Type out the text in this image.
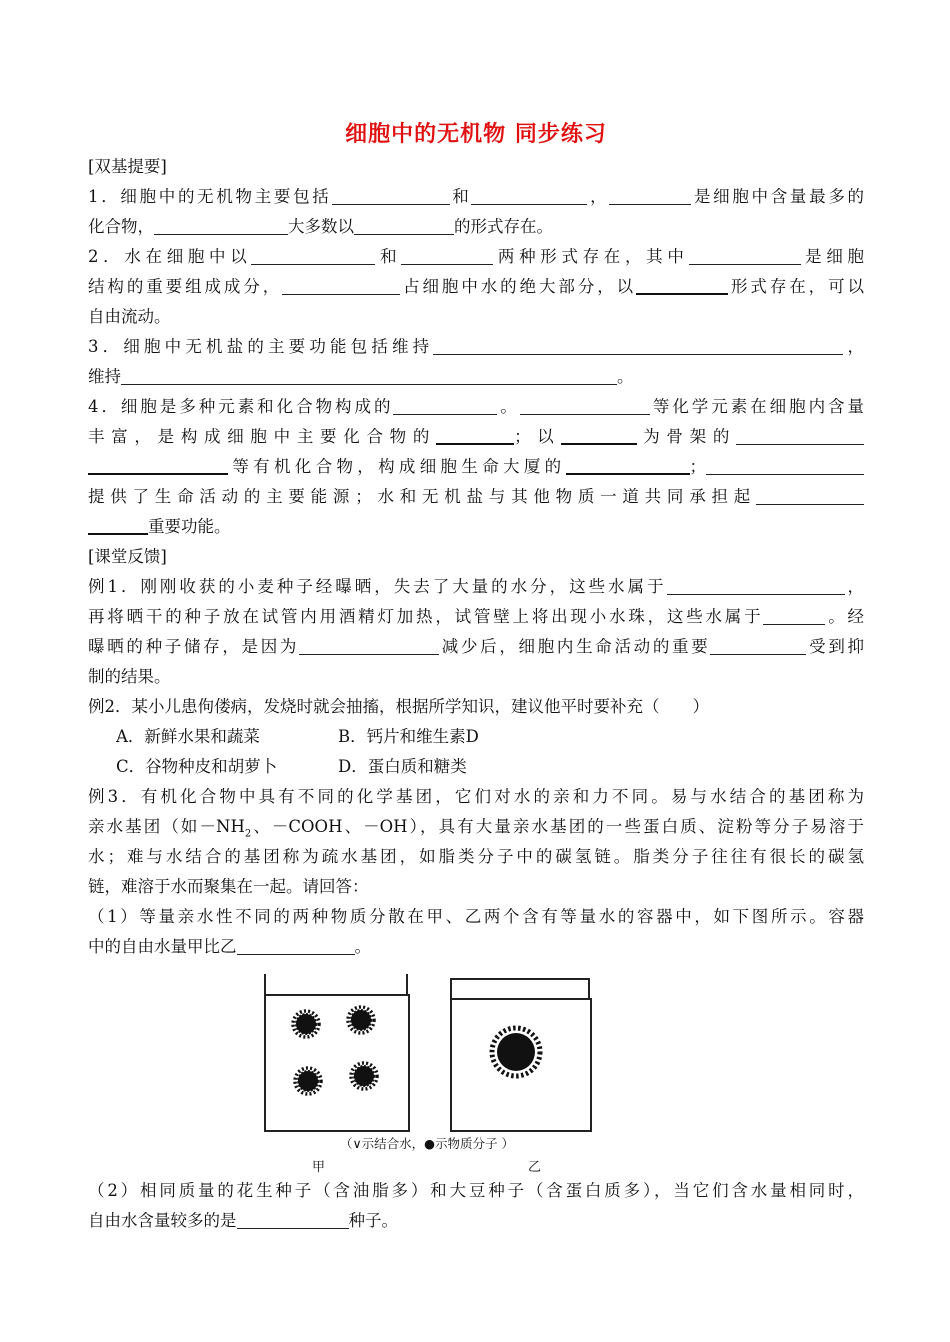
细胞中的无机物 同步练习
[双基提要]
1．细胞中的无机物主要包括	和	，	是细胞中含量最多的
化合物，	大多数以	的形式存在。
2．水在细胞中以	和	两种形式存在，其中	是细胞
结构的重要组成成分，	占细胞中水的绝大部分，以	形式存在，可以
自由流动。
3．细胞中无机盐的主要功能包括维持	，
维持	。
4．细胞是多种元素和化合物构成的	。	等化学元素在细胞内含量
丰富，是构成细胞中主要化合物的	；以	为骨架的
等有机化合物，构成细胞生命大厦的	；
提供了生命活动的主要能源；水和无机盐与其他物质一道共同承担起
重要功能。
[课堂反馈]
例1．刚刚收获的小麦种子经曝晒，失去了大量的水分，这些水属于	，
再将晒干的种子放在试管内用酒精灯加热，试管壁上将出现小水珠，这些水属于	。经
曝晒的种子储存，是因为	减少后，细胞内生命活动的重要	受到抑
制的结果。
例2．某小儿患佝偻病，发烧时就会抽搐，根据所学知识，建议他平时要补充（　　）
A．新鲜水果和蔬菜	B．钙片和维生素D
C．谷物种皮和胡萝卜	D．蛋白质和糖类
例3．有机化合物中具有不同的化学基团，它们对水的亲和力不同。易与水结合的基团称为
亲水基团（如$-NH_2$、－COOH、－OH），具有大量亲水基团的一些蛋白质、淀粉等分子易溶于
水；难与水结合的基团称为疏水基团，如脂类分子中的碳氢链。脂类分子往往有很长的碳氢
链，难溶于水而聚集在一起。请回答：
（1）等量亲水性不同的两种物质分散在甲、乙两个含有等量水的容器中，如下图所示。容器
中的自由水量甲比乙	。
（∨示结合水，●示物质分子 ）
甲	乙
（2）相同质量的花生种子（含油脂多）和大豆种子（含蛋白质多），当它们含水量相同时，
自由水含量较多的是	种子。
